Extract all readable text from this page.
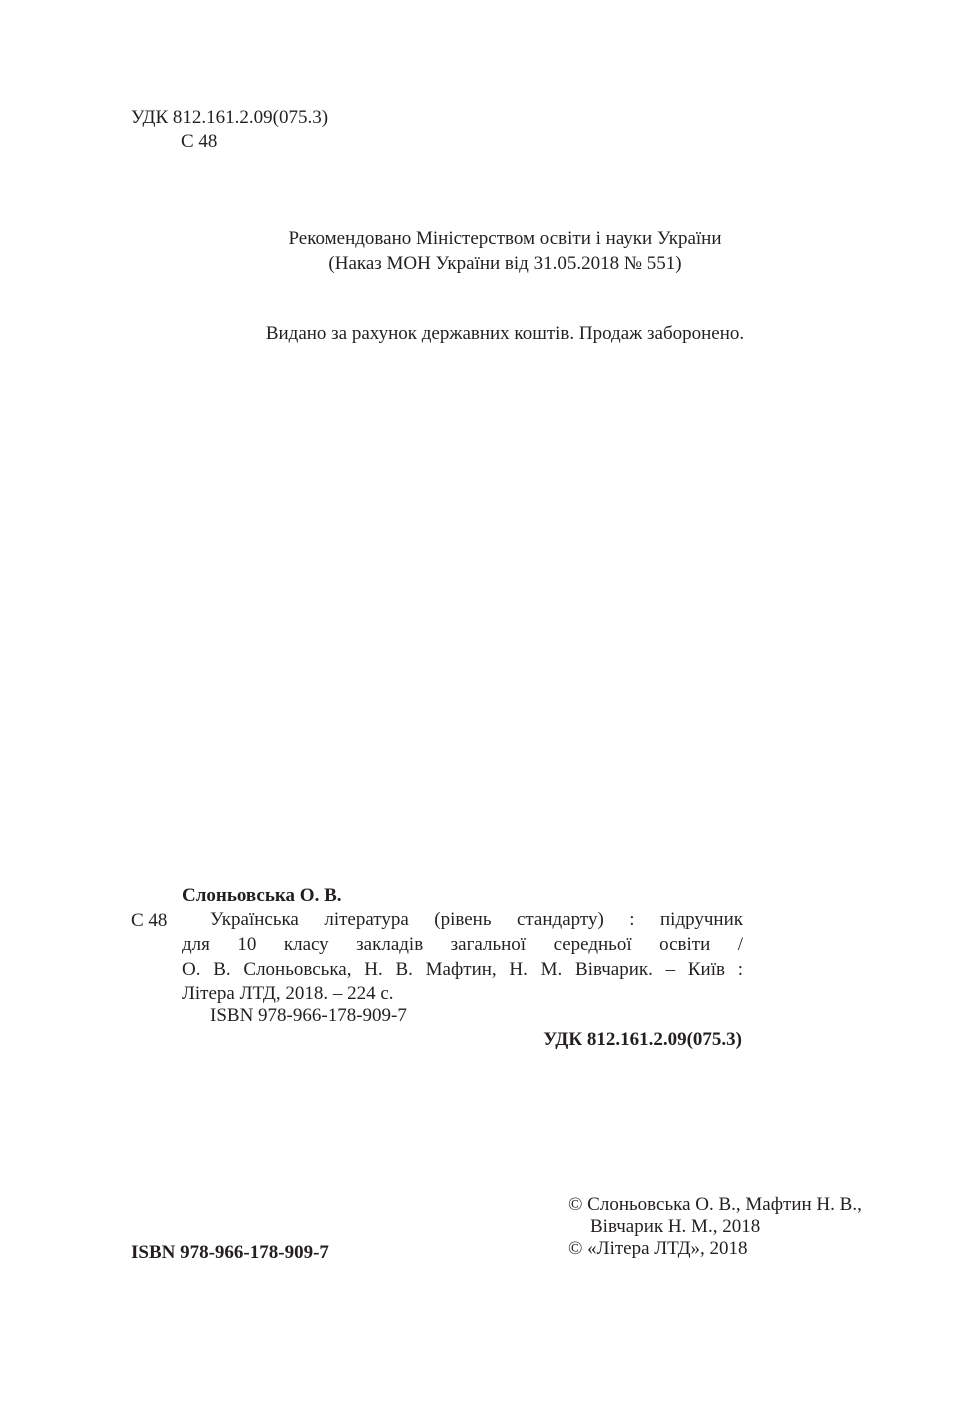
УДК 812.161.2.09(075.3)
С 48
Рекомендовано Міністерством освіти і науки України
(Наказ МОН України від 31.05.2018 № 551)
Видано за рахунок державних коштів. Продаж заборонено.
Слоньовська О. В.
С 48 Українська література (рівень стандарту) : підручник
для 10 класу закладів загальної середньої освіти /
О. В. Слоньовська, Н. В. Мафтин, Н. М. Вівчарик. – Київ :
Літера ЛТД, 2018. – 224 с.
ISBN 978-966-178-909-7
УДК 812.161.2.09(075.3)
ISBN 978-966-178-909-7
© Слоньовська О. В., Мафтин Н. В.,
Вівчарик Н. М., 2018
© «Літера ЛТД», 2018
